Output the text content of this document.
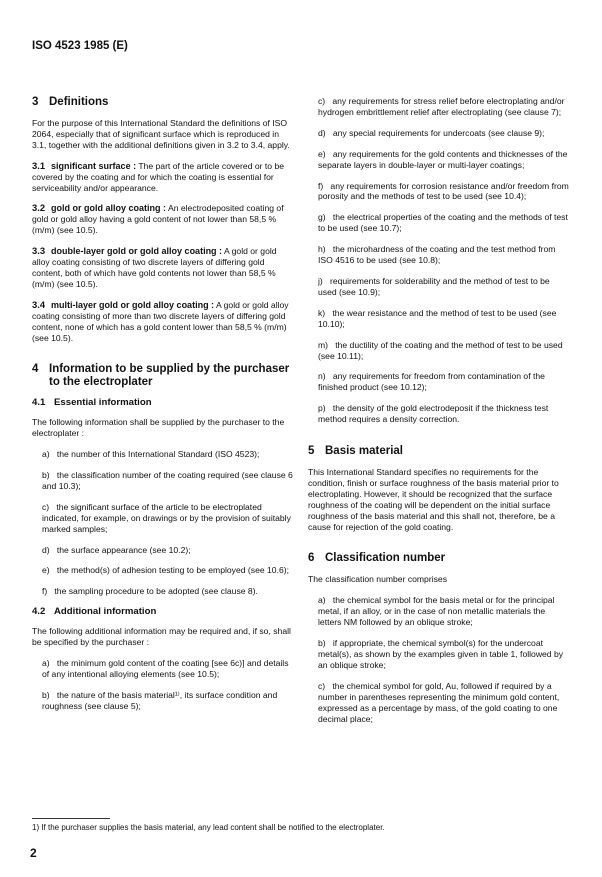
ISO 4523 1985 (E)
3 Definitions
For the purpose of this International Standard the definitions of ISO 2064, especially that of significant surface which is reproduced in 3.1, together with the additional definitions given in 3.2 to 3.4, apply.
3.1 significant surface : The part of the article covered or to be covered by the coating and for which the coating is essential for serviceability and/or appearance.
3.2 gold or gold alloy coating : An electrodeposited coating of gold or gold alloy having a gold content of not lower than 58,5 % (m/m) (see 10.5).
3.3 double-layer gold or gold alloy coating : A gold or gold alloy coating consisting of two discrete layers of differing gold content, both of which have gold contents not lower than 58,5 % (m/m) (see 10.5).
3.4 multi-layer gold or gold alloy coating : A gold or gold alloy coating consisting of more than two discrete layers of differing gold content, none of which has a gold content lower than 58,5 % (m/m) (see 10.5).
4 Information to be supplied by the purchaser
to the electroplater
4.1 Essential information
The following information shall be supplied by the purchaser to the electroplater :
a) the number of this International Standard (ISO 4523);
b) the classification number of the coating required (see clause 6 and 10.3);
c) the significant surface of the article to be electroplated indicated, for example, on drawings or by the provision of suitably marked samples;
d) the surface appearance (see 10.2);
e) the method(s) of adhesion testing to be employed (see 10.6);
f) the sampling procedure to be adopted (see clause 8).
4.2 Additional information
The following additional information may be required and, if so, shall be specified by the purchaser :
a) the minimum gold content of the coating [see 6c)] and details of any intentional alloying elements (see 10.5);
b) the nature of the basis material¹⁾, its surface condition and roughness (see clause 5);
c) any requirements for stress relief before electroplating and/or hydrogen embrittlement relief after electroplating (see clause 7);
d) any special requirements for undercoats (see clause 9);
e) any requirements for the gold contents and thicknesses of the separate layers in double-layer or multi-layer coatings;
f) any requirements for corrosion resistance and/or freedom from porosity and the methods of test to be used (see 10.4);
g) the electrical properties of the coating and the methods of test to be used (see 10.7);
h) the microhardness of the coating and the test method from ISO 4516 to be used (see 10.8);
j) requirements for solderability and the method of test to be used (see 10.9);
k) the wear resistance and the method of test to be used (see 10.10);
m) the ductility of the coating and the method of test to be used (see 10.11);
n) any requirements for freedom from contamination of the finished product (see 10.12);
p) the density of the gold electrodeposit if the thickness test method requires a density correction.
5 Basis material
This International Standard specifies no requirements for the condition, finish or surface roughness of the basis material prior to electroplating. However, it should be recognized that the surface roughness of the coating will be dependent on the initial surface roughness of the basis material and this shall not, therefore, be a cause for rejection of the gold coating.
6 Classification number
The classification number comprises
a) the chemical symbol for the basis metal or for the principal metal, if an alloy, or in the case of non metallic materials the letters NM followed by an oblique stroke;
b) if appropriate, the chemical symbol(s) for the undercoat metal(s), as shown by the examples given in table 1, followed by an oblique stroke;
c) the chemical symbol for gold, Au, followed if required by a number in parentheses representing the minimum gold content, expressed as a percentage by mass, of the gold coating to one decimal place;
1) If the purchaser supplies the basis material, any lead content shall be notified to the electroplater.
2
